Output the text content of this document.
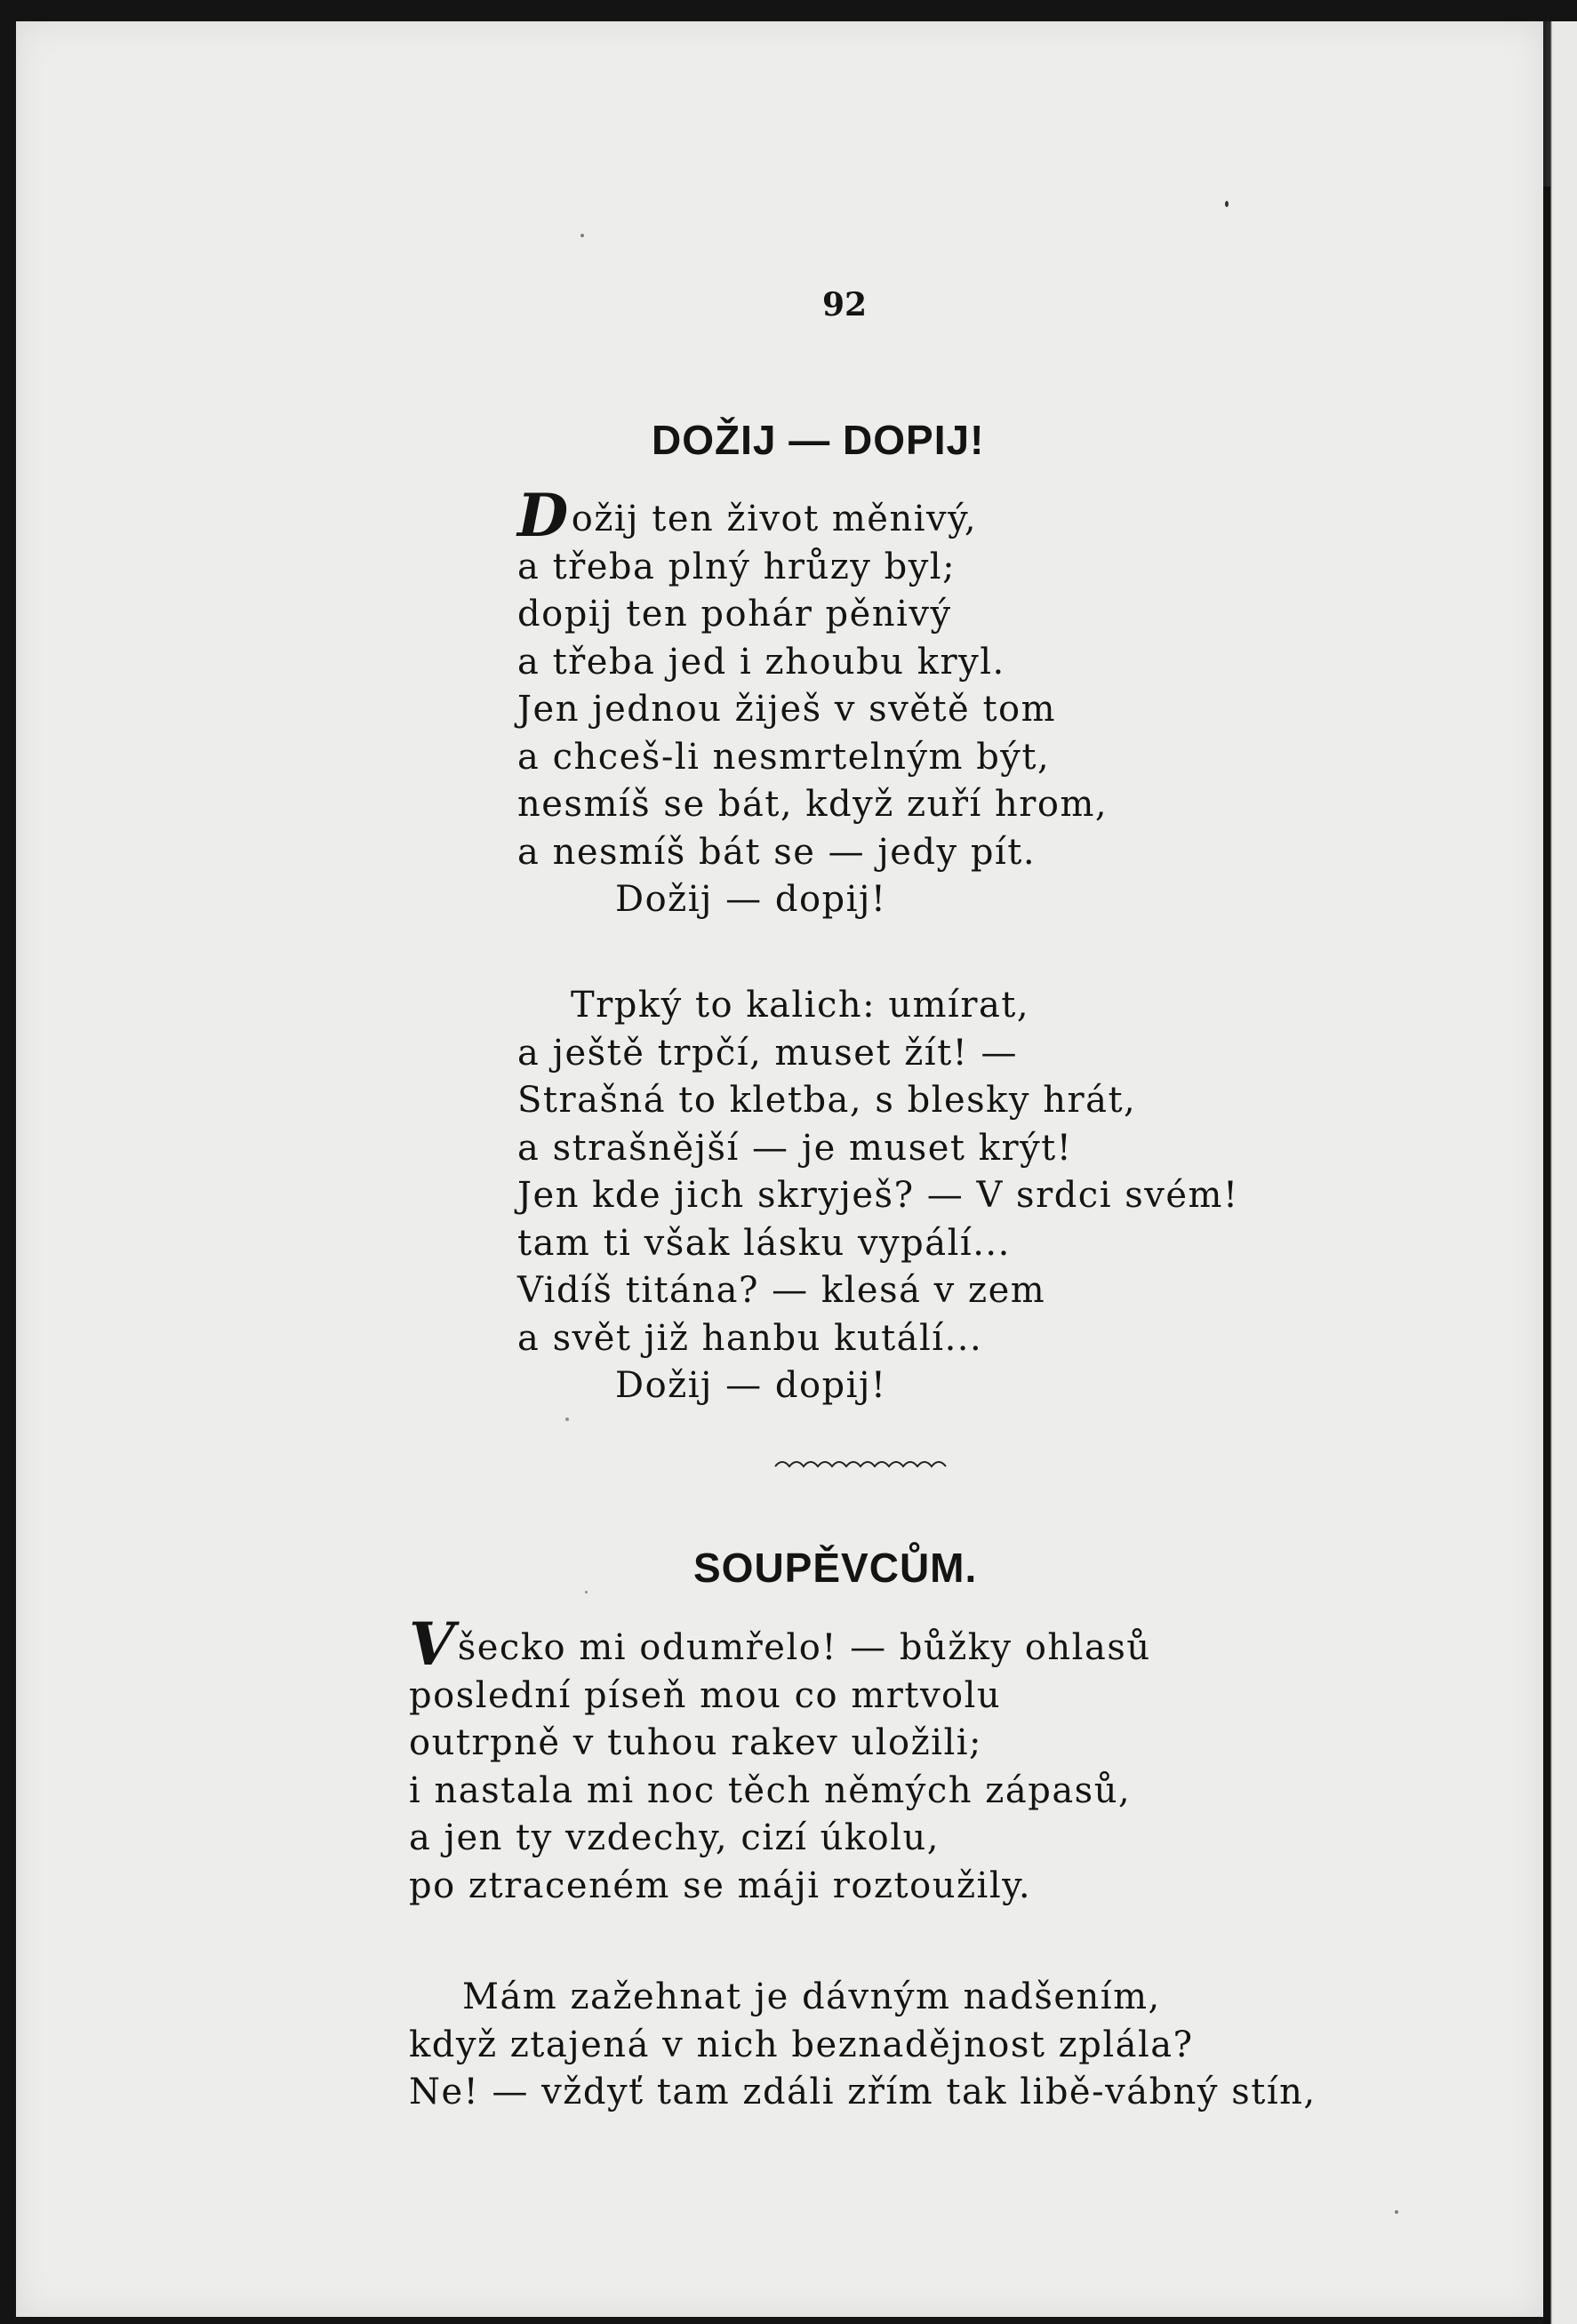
92
DOŽIJ — DOPIJ!
Dožij ten život měnivý,
a třeba plný hrůzy byl;
dopij ten pohár pěnivý
a třeba jed i zhoubu kryl.
Jen jednou žiješ v světě tom
a chceš-li nesmrtelným být,
nesmíš se bát, když zuří hrom,
a nesmíš bát se — jedy pít.
Dožij — dopij!
Trpký to kalich: umírat,
a ještě trpčí, muset žít! —
Strašná to kletba, s blesky hrát,
a strašnější — je muset krýt!
Jen kde jich skryješ? — V srdci svém!
tam ti však lásku vypálí...
Vidíš titána? — klesá v zem
a svět již hanbu kutálí...
Dožij — dopij!
SOUPĚVCŮM.
Všecko mi odumřelo! — bůžky ohlasů
poslední píseň mou co mrtvolu
outrpně v tuhou rakev uložili;
i nastala mi noc těch němých zápasů,
a jen ty vzdechy, cizí úkolu,
po ztraceném se máji roztoužily.
Mám zažehnat je dávným nadšením,
když ztajená v nich beznadějnost zplála?
Ne! — vždyť tam zdáli zřím tak libě-vábný stín,
